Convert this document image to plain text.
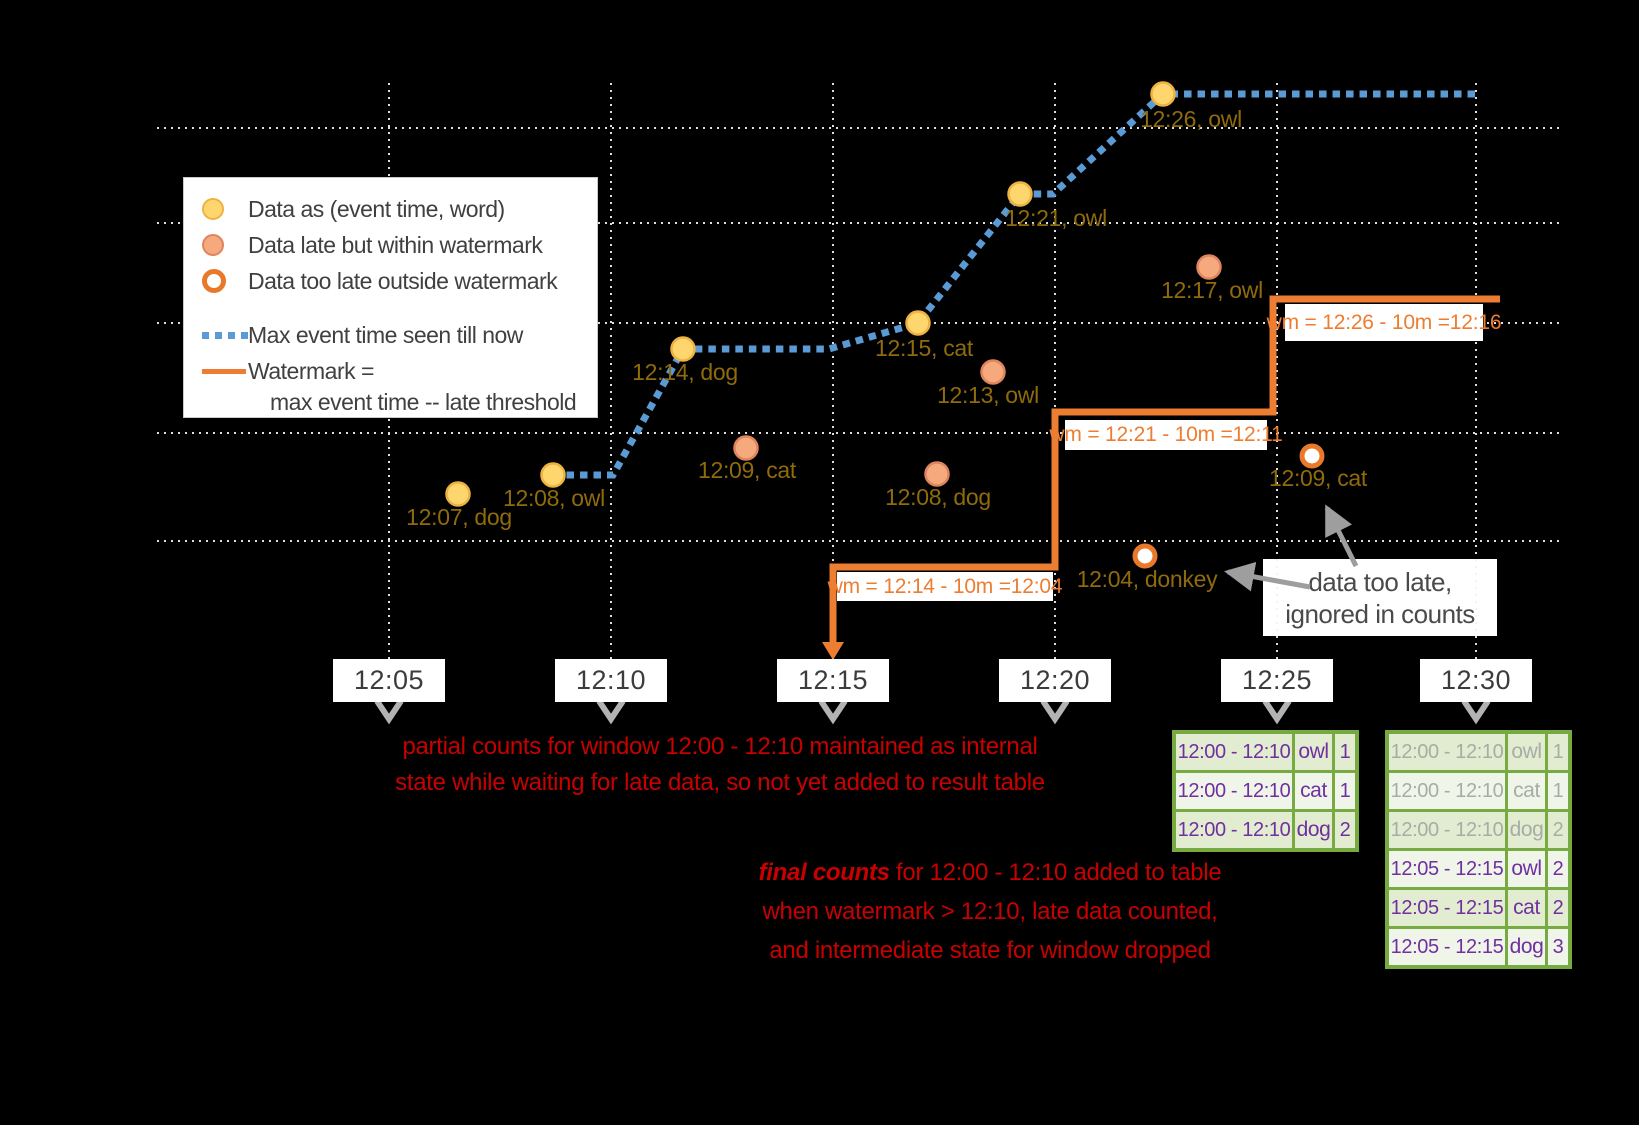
data too late,
ignored in counts
12:07, dog
12:08, owl
12:14, dog
12:15, cat
12:21, owl
12:26, owl
12:09, cat
12:08, dog
12:13, owl
12:17, owl
12:04, donkey
12:09, cat
Data as (event time, word)
Data late but within watermark
Data too late outside watermark
Max event time seen till now
Watermark =
max event time -- late threshold
12:05	12:10	12:15	12:20	12:25	12:30
wm = 12:14 - 10m =12:04
wm = 12:21 - 10m =12:11
wm = 12:26 - 10m =12:16
partial counts for window 12:00 - 12:10 maintained as internal
state while waiting for late data, so not yet added to result table
final counts for 12:00 - 12:10 added to table
when watermark > 12:10, late data counted,
and intermediate state for window dropped
12:00 - 12:10 owl 1
12:00 - 12:10 cat 1
12:00 - 12:10 dog 2
12:00 - 12:10 owl 1
12:00 - 12:10 cat 1
12:00 - 12:10 dog 2
12:05 - 12:15 owl 2
12:05 - 12:15 cat 2
12:05 - 12:15 dog 3
